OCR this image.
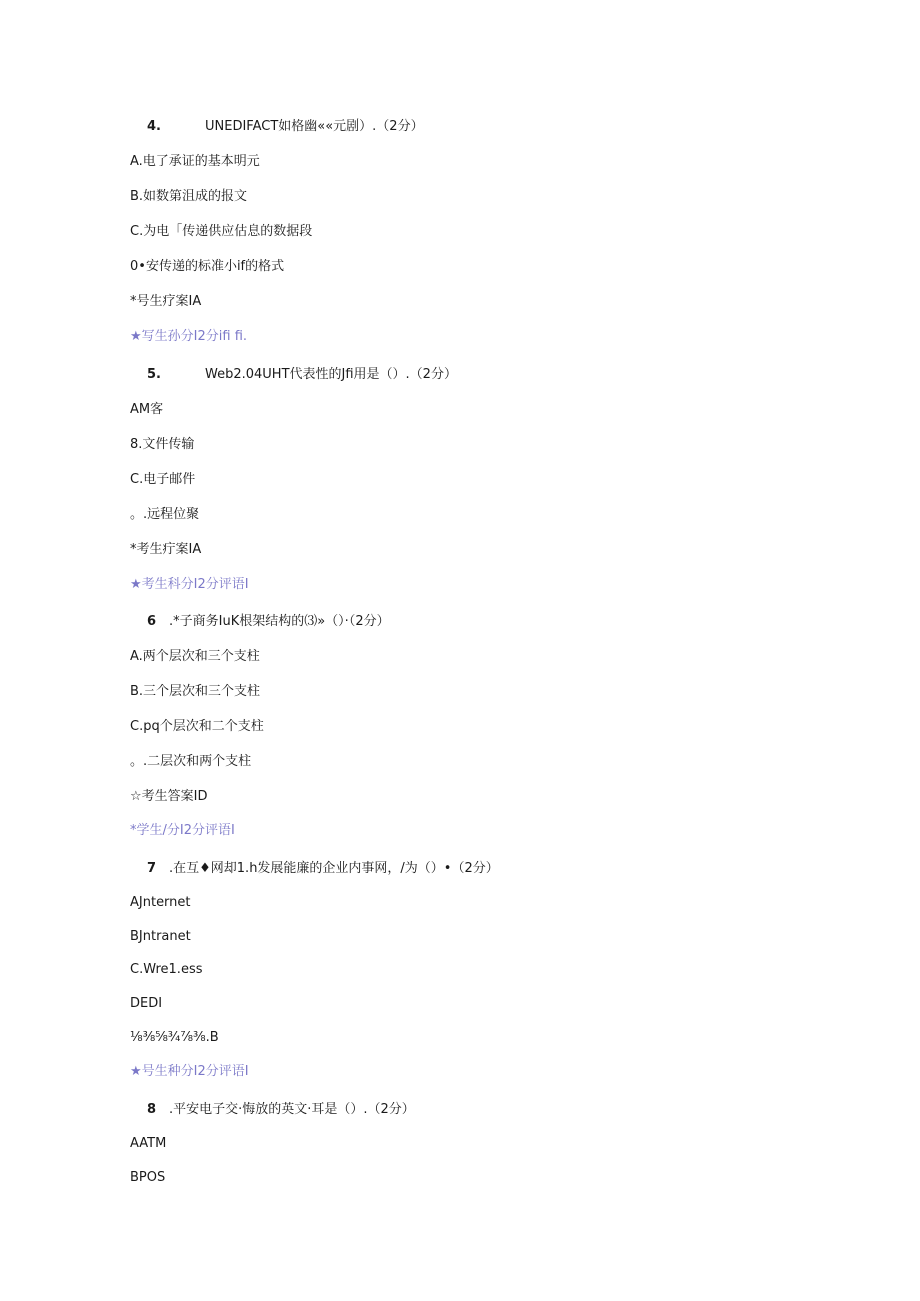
4.	UNEDIFACT如格幽««元剧）.（2分）
A.电了承证的基本明元
B.如数第沮成的报文
C.为电「传递供应估息的数据段
0•安传递的标准小if的格式
*号生疗案IA
★写生孙分I2分ifi fi.
5.	Web2.04UHT代表性的Jfi用是（）.（2分）
AM客
8.文件传输
C.电子邮件
。.远程位聚
*考生疔案IA
★考生科分I2分评语I
6 .*子商务IuK根架结构的⑶»（）·（2分）
A.两个层次和三个支柱
B.三个层次和三个支柱
C.pq个层次和二个支柱
。.二层次和两个支柱
☆考生答案ID
*学生/分I2分评语I
7 .在互♦网却1.h发展能廉的企业内事网，/为（）•（2分）
AJnternet
BJntranet
C.Wre1.ess
DEDI
⅛⅜⅝¾⅞⅜.B
★号生种分I2分评语I
8 .平安电子交·悔放的英文·耳是（）.（2分）
AATM
BPOS
